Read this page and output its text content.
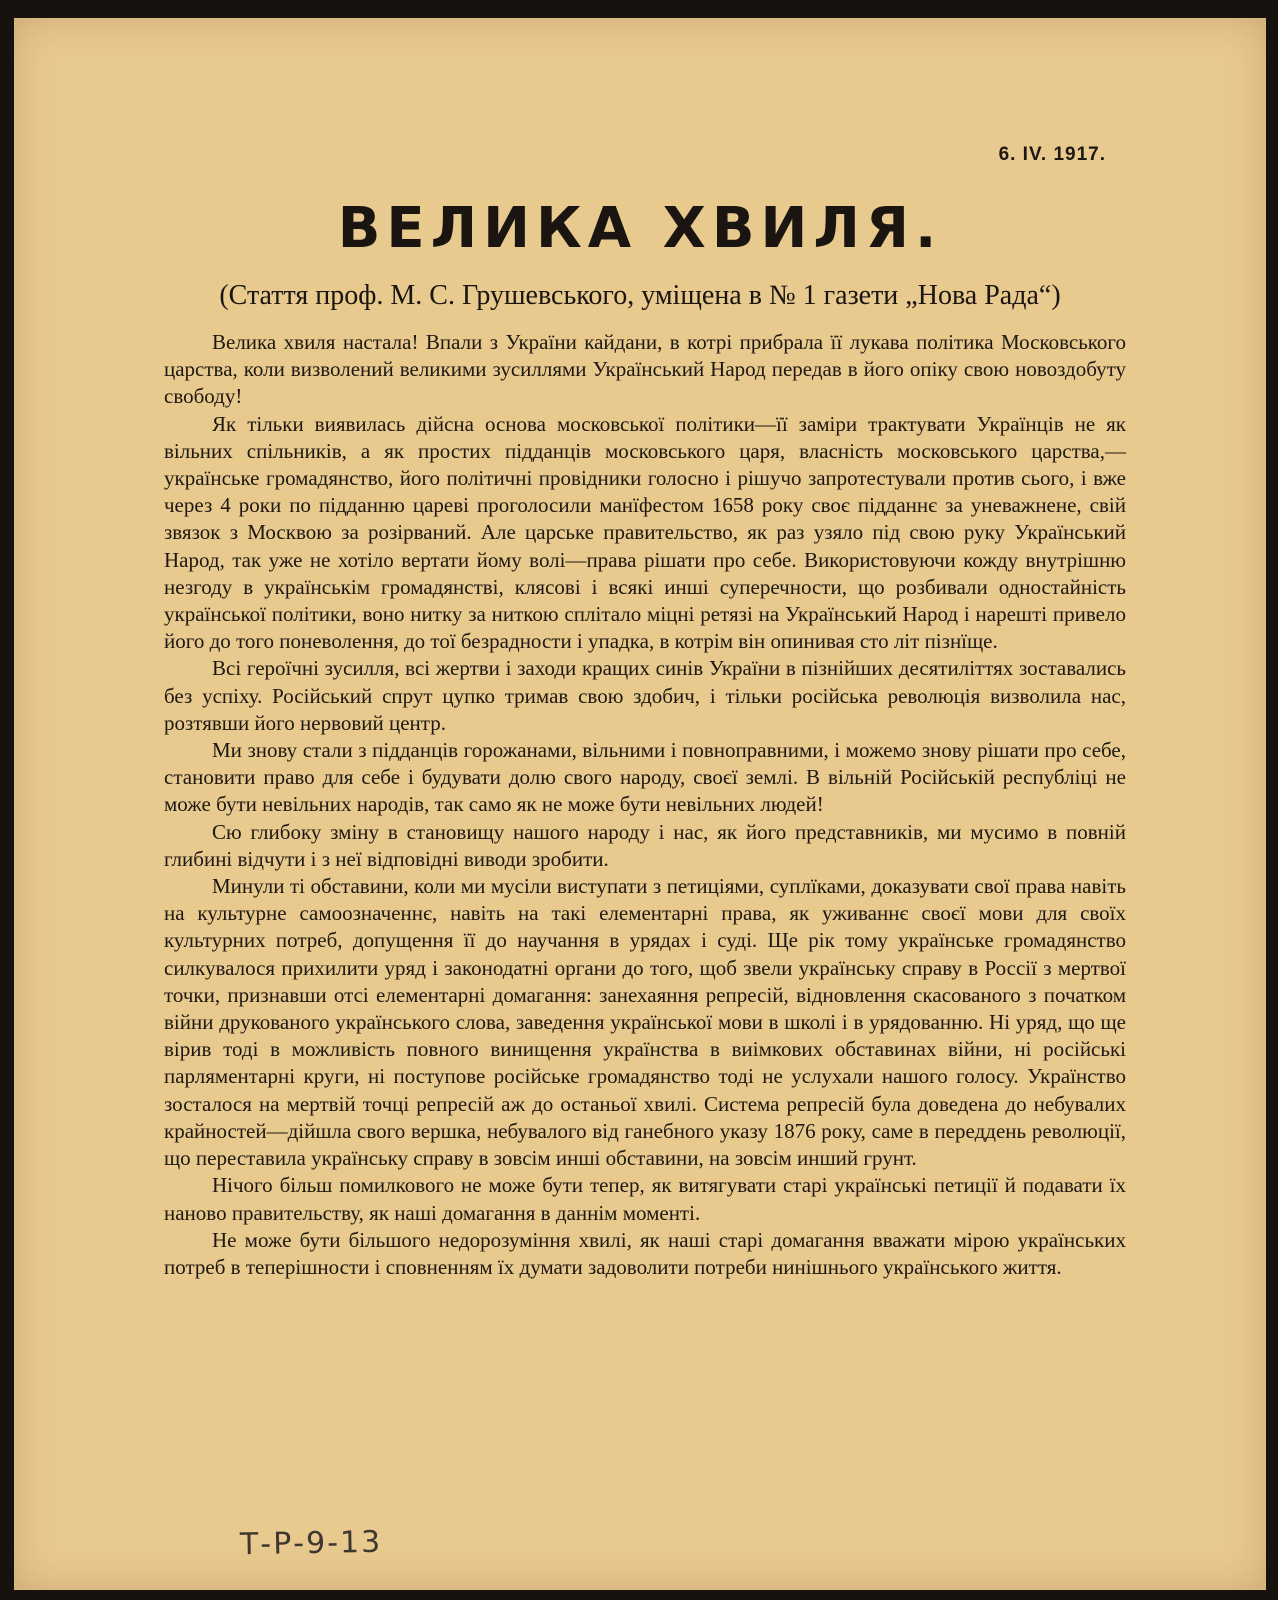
6. IV. 1917.
ВЕЛИКА ХВИЛЯ.
(Стаття проф. М. С. Грушевського, уміщена в № 1 газети „Нова Рада“)

Велика хвиля настала! Впали з України кайдани, в котрі прибрала її лукава політика Московського царства, коли визволений великими зусиллями Український Народ передав в його опіку свою новоздобуту свободу!

Як тільки виявилась дійсна основа московської політики—її заміри трактувати Українців не як вільних спільників, а як простих підданців московського царя, власність московського царства,—українське громадянство, його політичні провідники голосно і рішучо запротестували против сього, і вже через 4 роки по підданню цареві проголосили манїфестом 1658 року своє підданнє за уневажнене, свій звязок з Москвою за розірваний. Але царське правительство, як раз узяло під свою руку Український Народ, так уже не хотіло вертати йому волі—права рішати про себе. Використовуючи кожду внутрішню незгоду в українськім громадянстві, клясові і всякі инші суперечности, що розбивали одностайність української політики, воно нитку за ниткою сплітало міцні ретязі на Український Народ і нарешті привело його до того поневолення, до тої безрадности і упадка, в котрім він опинивая сто літ пізнїще.

Всі героїчні зусилля, всі жертви і заходи кращих синів України в пізнійших десятиліттях зоставались без успіху. Російський спрут цупко тримав свою здобич, і тільки російська революція визволила нас, розтявши його нервовий центр.

Ми знову стали з підданців горожанами, вільними і повноправними, і можемо знову рішати про себе, становити право для себе і будувати долю свого народу, своєї землі. В вільній Російській республіці не може бути невільних народів, так само як не може бути невільних людей!

Сю глибоку зміну в становищу нашого народу і нас, як його представників, ми мусимо в повній глибині відчути і з неї відповідні виводи зробити.

Минули ті обставини, коли ми мусіли виступати з петиціями, суплїками, доказувати свої права навіть на культурне самоозначеннє, навіть на такі елементарні права, як уживаннє своєї мови для своїх культурних потреб, допущення її до научання в урядах і суді. Ще рік тому українське громадянство силкувалося прихилити уряд і законодатні органи до того, щоб звели українську справу в Россії з мертвої точки, признавши отсі елементарні домагання: занехаяння репресій, відновлення скасованого з початком війни друкованого українського слова, заведення української мови в школі і в урядованню. Ні уряд, що ще вірив тоді в можливість повного винищення українства в виімкових обставинах війни, ні російські парляментарні круги, ні поступове російське громадянство тоді не услухали нашого голосу. Українство зосталося на мертвій точці репресій аж до останьої хвилі. Система репресій була доведена до небувалих крайностей—дійшла свого вершка, небувалого від ганебного указу 1876 року, саме в переддень революції, що переставила українську справу в зовсім инші обставини, на зовсім инший грунт.

Нічого більш помилкового не може бути тепер, як витягувати старі українські петиції й подавати їх наново правительству, як наші домагання в даннім моменті.

Не може бути більшого недорозуміння хвилі, як наші старі домагання вважати мірою українських потреб в теперішности і сповненням їх думати задоволити потреби нинішнього українського життя.

Т-Р-9-13
